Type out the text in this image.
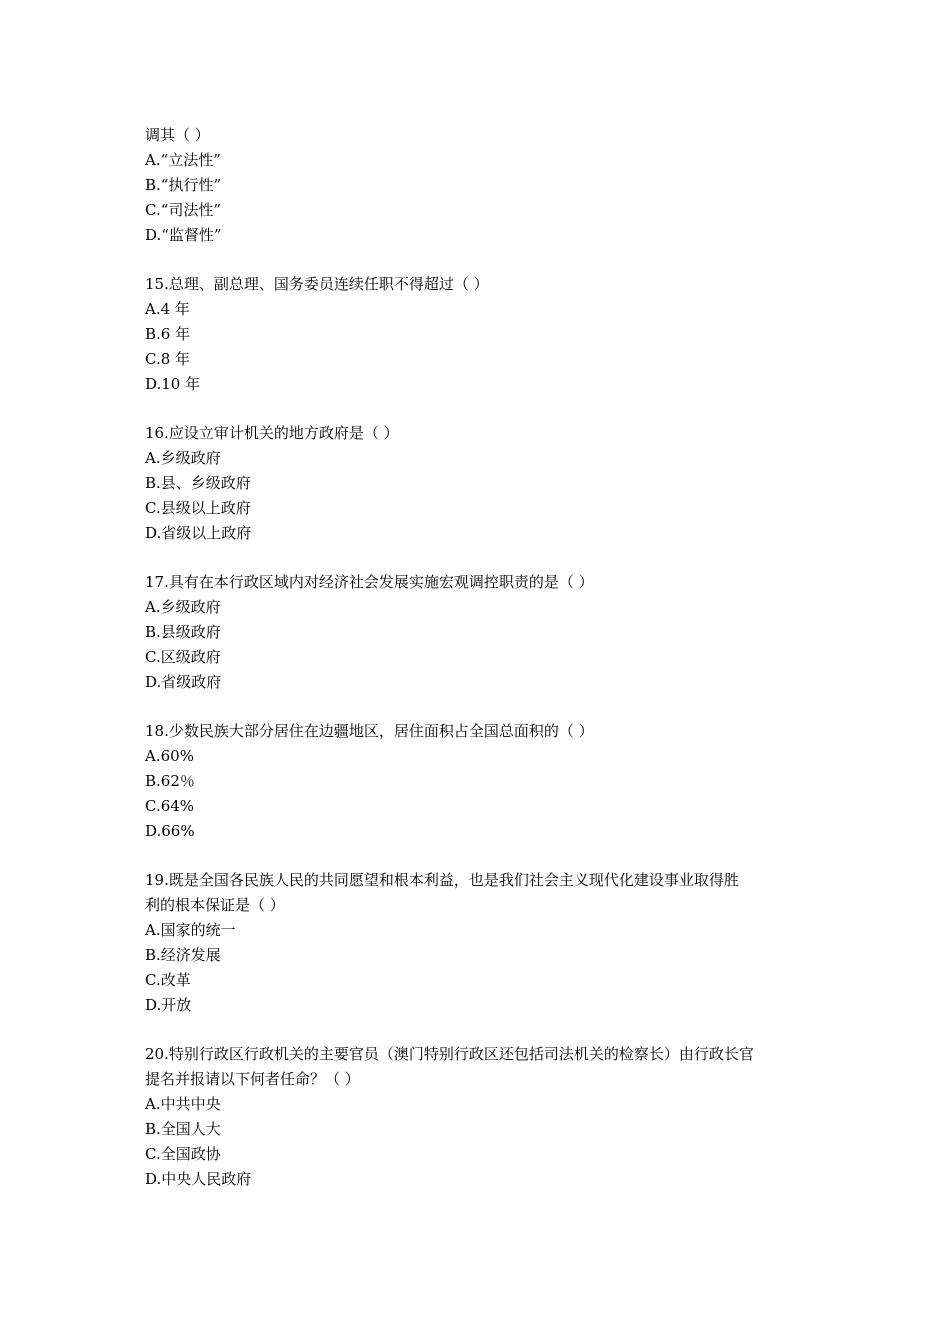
调其（ ）
A.“立法性”
B.“执行性”
C.“司法性”
D.“监督性”
15.总理、副总理、国务委员连续任职不得超过（ ）
A.4 年
B.6 年
C.8 年
D.10 年
16.应设立审计机关的地方政府是（ ）
A.乡级政府
B.县、乡级政府
C.县级以上政府
D.省级以上政府
17.具有在本行政区域内对经济社会发展实施宏观调控职责的是（ ）
A.乡级政府
B.县级政府
C.区级政府
D.省级政府
18.少数民族大部分居住在边疆地区，居住面积占全国总面积的（ ）
A.60%
B.62％
C.64%
D.66%
19.既是全国各民族人民的共同愿望和根本利益，也是我们社会主义现代化建设事业取得胜
利的根本保证是（ ）
A.国家的统一
B.经济发展
C.改革
D.开放
20.特别行政区行政机关的主要官员（澳门特别行政区还包括司法机关的检察长）由行政长官
提名并报请以下何者任命？（ ）
A.中共中央
B.全国人大
C.全国政协
D.中央人民政府
